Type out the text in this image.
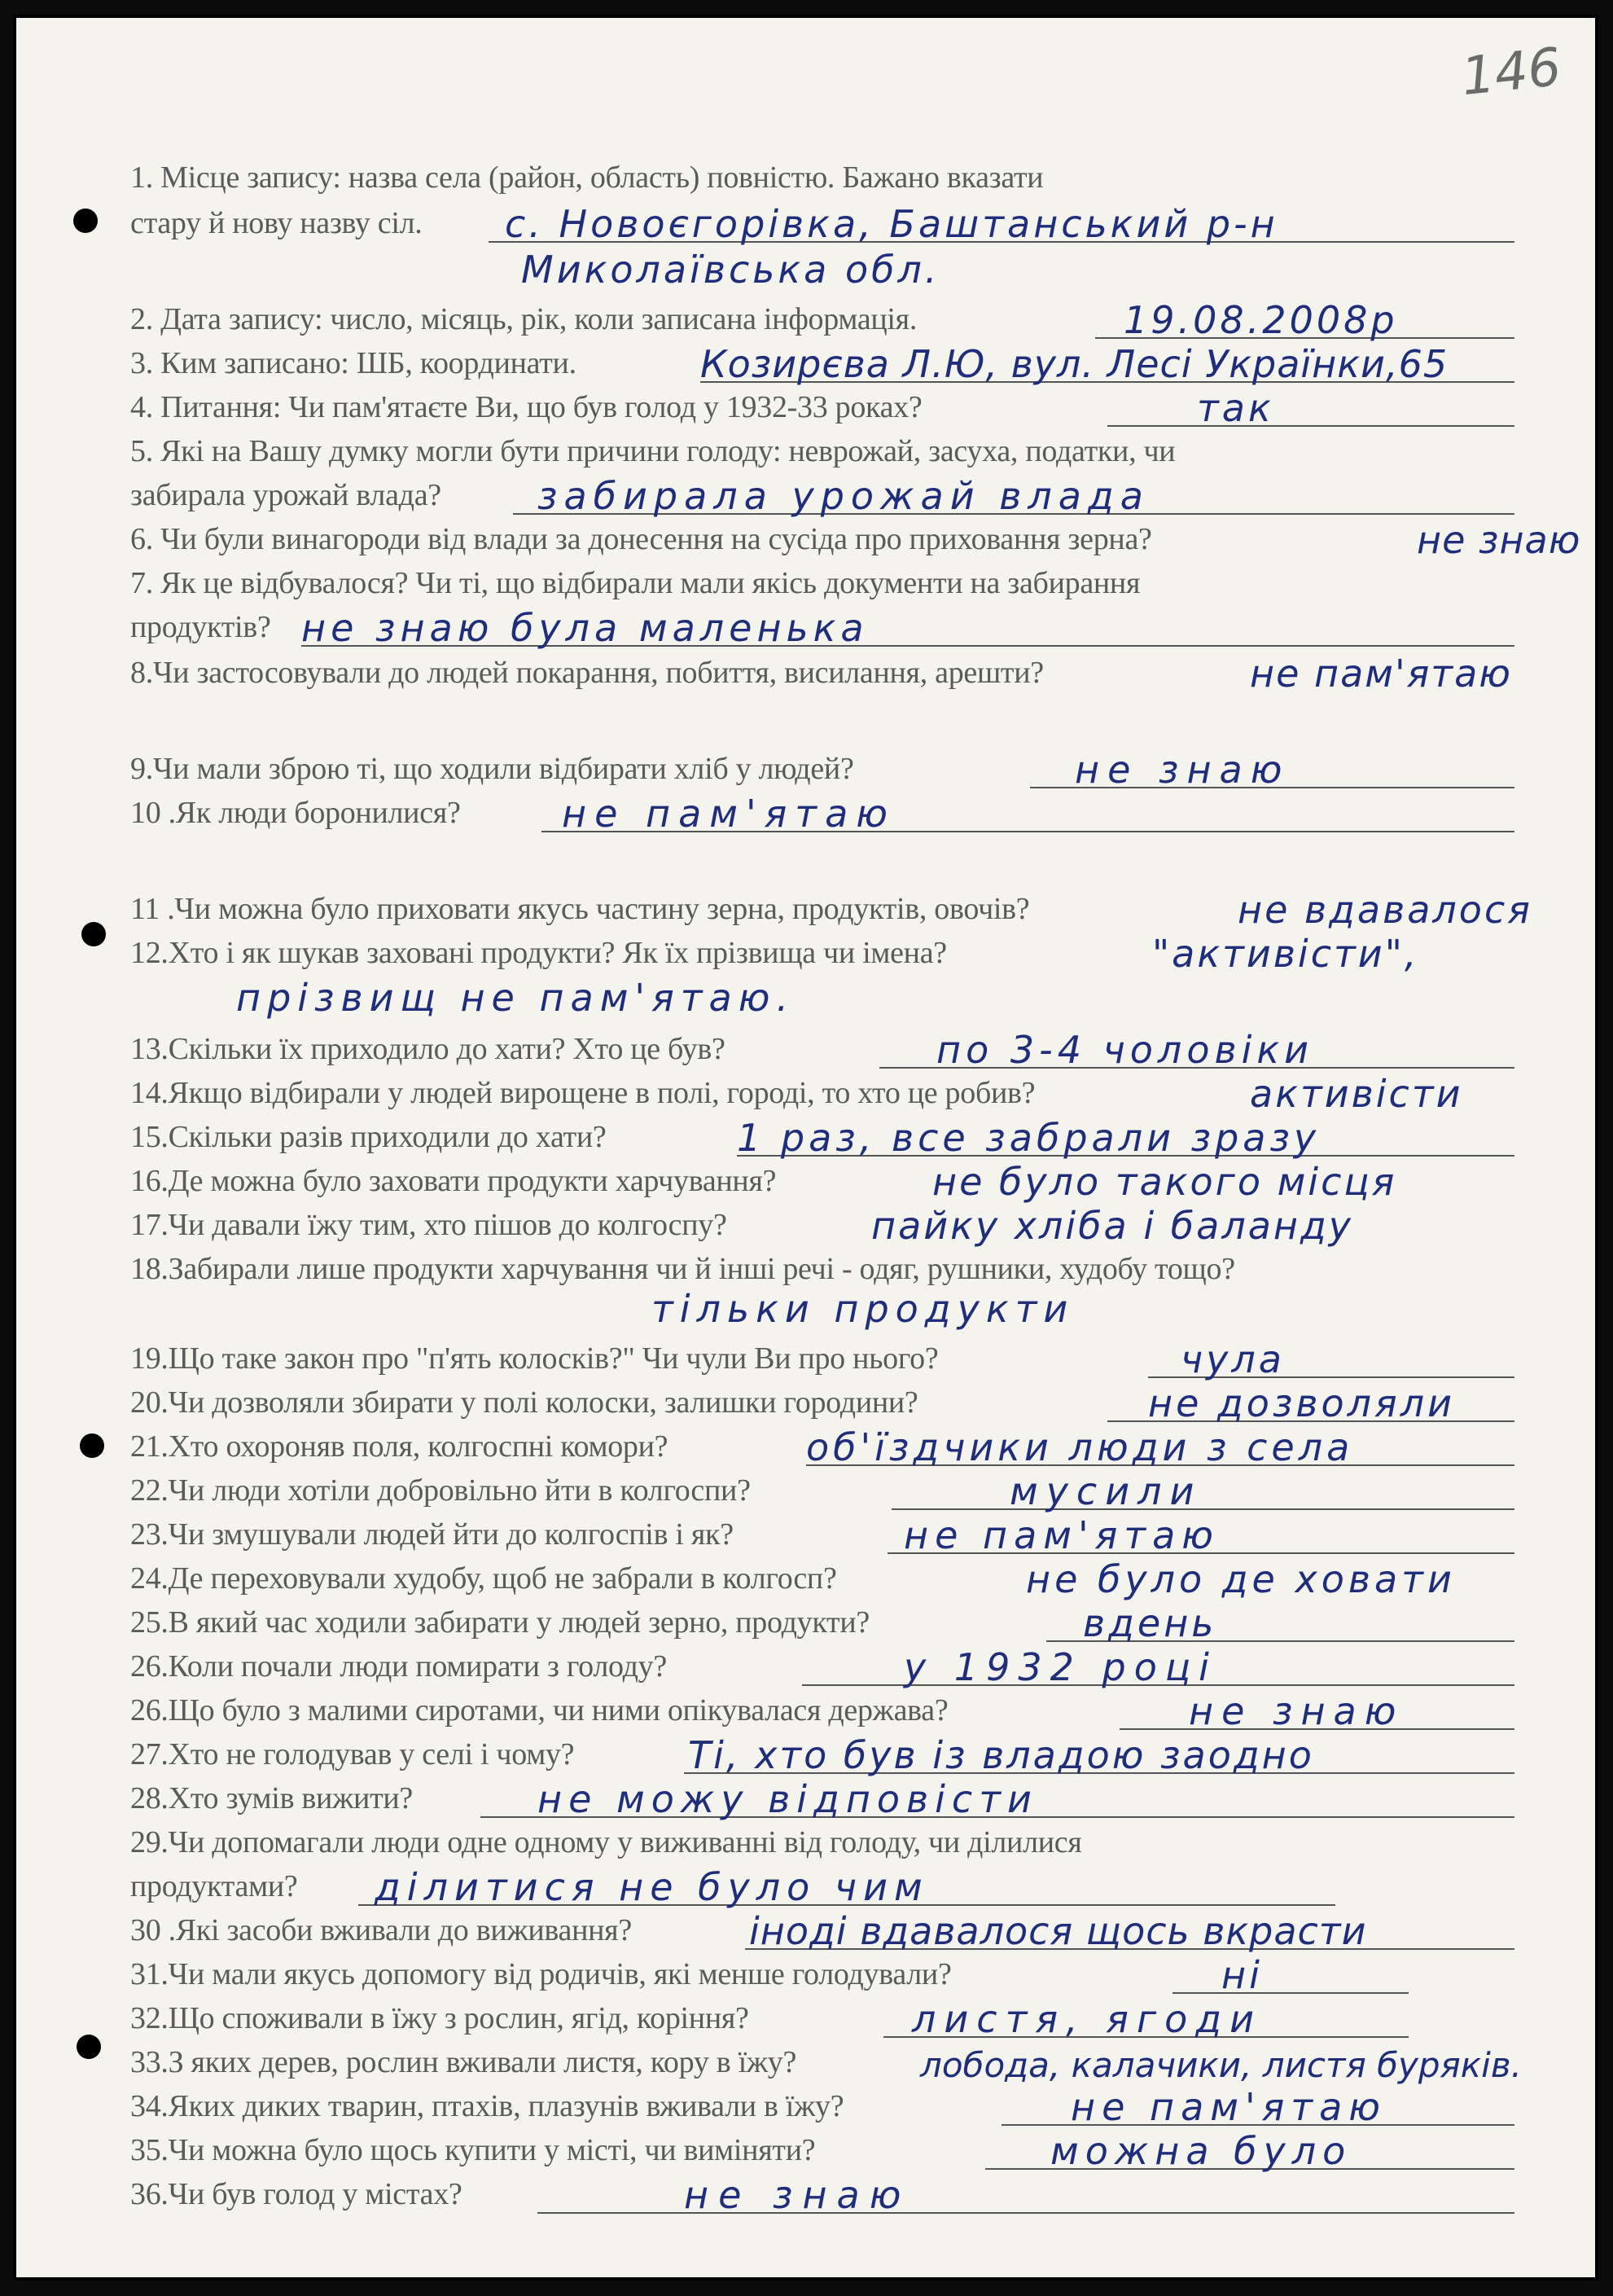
146
1. Місце запису: назва села (район, область) повністю. Бажано вказати
стару й нову назву сіл. с. Новоєгорівка, Баштанський р-н
Миколаївська обл.
2. Дата запису: число, місяць, рік, коли записана інформація.	19.08.2008р
3. Ким записано: ШБ, координати.	Козирєва Л.Ю, вул. Лесі Українки,65
4. Питання: Чи пам'ятаєте Ви, що був голод у 1932-33 роках?	так
5. Які на Вашу думку могли бути причини голоду: неврожай, засуха, податки, чи
забирала урожай влада?	забирала урожай влада
6. Чи були винагороди від влади за донесення на сусіда про приховання зерна?	не знаю
7. Як це відбувалося? Чи ті, що відбирали мали якісь документи на забирання
продуктів? не знаю була маленька
8.Чи застосовували до людей покарання, побиття, висилання, арешти?	не пам'ятаю
9.Чи мали зброю ті, що ходили відбирати хліб у людей?	не знаю
10 .Як люди боронилися?	не пам'ятаю
11 .Чи можна було приховати якусь частину зерна, продуктів, овочів?	не вдавалося
12.Хто і як шукав заховані продукти? Як їх прізвища чи імена?	"активісти",
прізвищ не пам'ятаю.
13.Скільки їх приходило до хати? Хто це був?	по 3-4 чоловіки
14.Якщо відбирали у людей вирощене в полі, городі, то хто це робив?	активісти
15.Скільки разів приходили до хати?	1 раз, все забрали зразу
16.Де можна було заховати продукти харчування?	не було такого місця
17.Чи давали їжу тим, хто пішов до колгоспу?	пайку хліба і баланду
18.Забирали лише продукти харчування чи й інші речі - одяг, рушники, худобу тощо?
тільки продукти
19.Що таке закон про "п'ять колосків?" Чи чули Ви про нього?	чула
20.Чи дозволяли збирати у полі колоски, залишки городини?	не дозволяли
21.Хто охороняв поля, колгоспні комори?	об'їздчики люди з села
22.Чи люди хотіли добровільно йти в колгоспи?	мусили
23.Чи змушували людей йти до колгоспів і як?	не пам'ятаю
24.Де переховували худобу, щоб не забрали в колгосп?	не було де ховати
25.В який час ходили забирати у людей зерно, продукти?	вдень
26.Коли почали люди помирати з голоду?	у 1932 році
26.Що було з малими сиротами, чи ними опікувалася держава?	не знаю
27.Хто не голодував у селі і чому?	Ті, хто був із владою заодно
28.Хто зумів вижити?	не можу відповісти
29.Чи допомагали люди одне одному у виживанні від голоду, чи ділилися
продуктами? ділитися не було чим
30 .Які засоби вживали до виживання?	іноді вдавалося щось вкрасти
31.Чи мали якусь допомогу від родичів, які менше голодували?	ні
32.Що споживали в їжу з рослин, ягід, коріння?	листя, ягоди
33.З яких дерев, рослин вживали листя, кору в їжу?	лобода, калачики, листя буряків.
34.Яких диких тварин, птахів, плазунів вживали в їжу?	не пам'ятаю
35.Чи можна було щось купити у місті, чи виміняти?	можна було
36.Чи був голод у містах?	не знаю
